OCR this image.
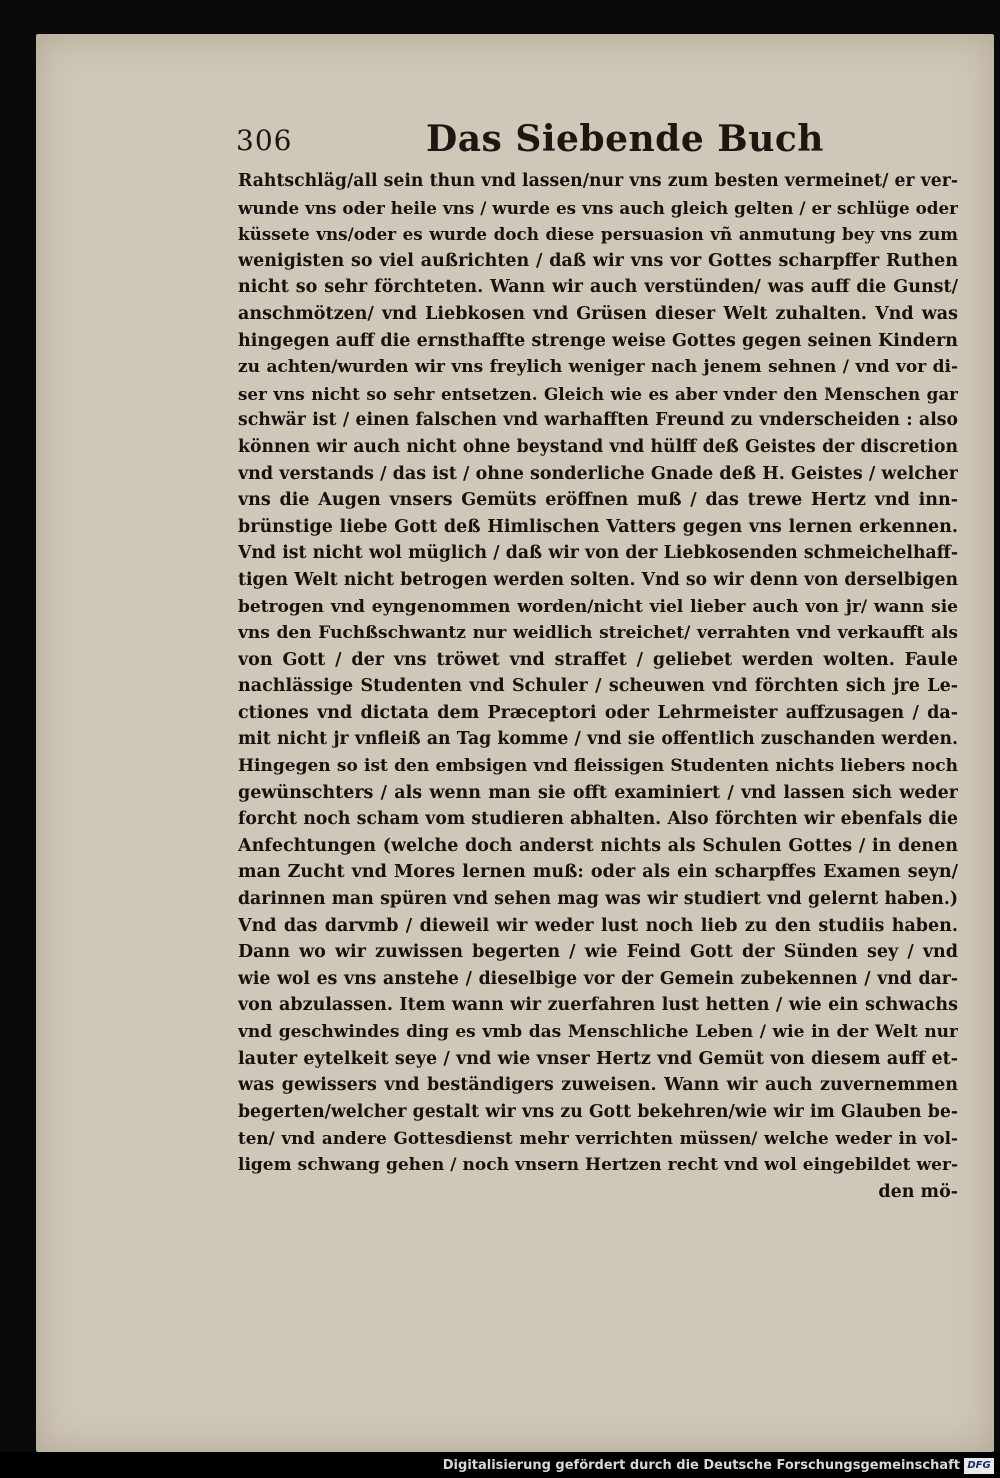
306	Das Siebende Buch
Rahtschläg/all sein thun vnd lassen/nur vns zum besten vermeinet/ er ver-
wunde vns oder heile vns / wurde es vns auch gleich gelten / er schlüge oder
küssete vns/oder es wurde doch diese persuasion vñ anmutung bey vns zum
wenigisten so viel außrichten / daß wir vns vor Gottes scharpffer Ruthen
nicht so sehr förchteten. Wann wir auch verstünden/ was auff die Gunst/
anschmötzen/ vnd Liebkosen vnd Grüsen dieser Welt zuhalten. Vnd was
hingegen auff die ernsthaffte strenge weise Gottes gegen seinen Kindern
zu achten/wurden wir vns freylich weniger nach jenem sehnen / vnd vor di-
ser vns nicht so sehr entsetzen. Gleich wie es aber vnder den Menschen gar
schwär ist / einen falschen vnd warhafften Freund zu vnderscheiden : also
können wir auch nicht ohne beystand vnd hülff deß Geistes der discretion
vnd verstands / das ist / ohne sonderliche Gnade deß H. Geistes / welcher
vns die Augen vnsers Gemüts eröffnen muß / das trewe Hertz vnd inn-
brünstige liebe Gott deß Himlischen Vatters gegen vns lernen erkennen.
Vnd ist nicht wol müglich / daß wir von der Liebkosenden schmeichelhaff-
tigen Welt nicht betrogen werden solten. Vnd so wir denn von derselbigen
betrogen vnd eyngenommen worden/nicht viel lieber auch von jr/ wann sie
vns den Fuchßschwantz nur weidlich streichet/ verrahten vnd verkaufft als
von Gott / der vns tröwet vnd straffet / geliebet werden wolten. Faule
nachlässige Studenten vnd Schuler / scheuwen vnd förchten sich jre Le-
ctiones vnd dictata dem Præceptori oder Lehrmeister auffzusagen / da-
mit nicht jr vnfleiß an Tag komme / vnd sie offentlich zuschanden werden.
Hingegen so ist den embsigen vnd fleissigen Studenten nichts liebers noch
gewünschters / als wenn man sie offt examiniert / vnd lassen sich weder
forcht noch scham vom studieren abhalten. Also förchten wir ebenfals die
Anfechtungen (welche doch anderst nichts als Schulen Gottes / in denen
man Zucht vnd Mores lernen muß: oder als ein scharpffes Examen seyn/
darinnen man spüren vnd sehen mag was wir studiert vnd gelernt haben.)
Vnd das darvmb / dieweil wir weder lust noch lieb zu den studiis haben.
Dann wo wir zuwissen begerten / wie Feind Gott der Sünden sey / vnd
wie wol es vns anstehe / dieselbige vor der Gemein zubekennen / vnd dar-
von abzulassen. Item wann wir zuerfahren lust hetten / wie ein schwachs
vnd geschwindes ding es vmb das Menschliche Leben / wie in der Welt nur
lauter eytelkeit seye / vnd wie vnser Hertz vnd Gemüt von diesem auff et-
was gewissers vnd beständigers zuweisen. Wann wir auch zuvernemmen
begerten/welcher gestalt wir vns zu Gott bekehren/wie wir im Glauben be-
ten/ vnd andere Gottesdienst mehr verrichten müssen/ welche weder in vol-
ligem schwang gehen / noch vnsern Hertzen recht vnd wol eingebildet wer-
den mö-
Digitalisierung gefördert durch die Deutsche Forschungsgemeinschaft DFG
